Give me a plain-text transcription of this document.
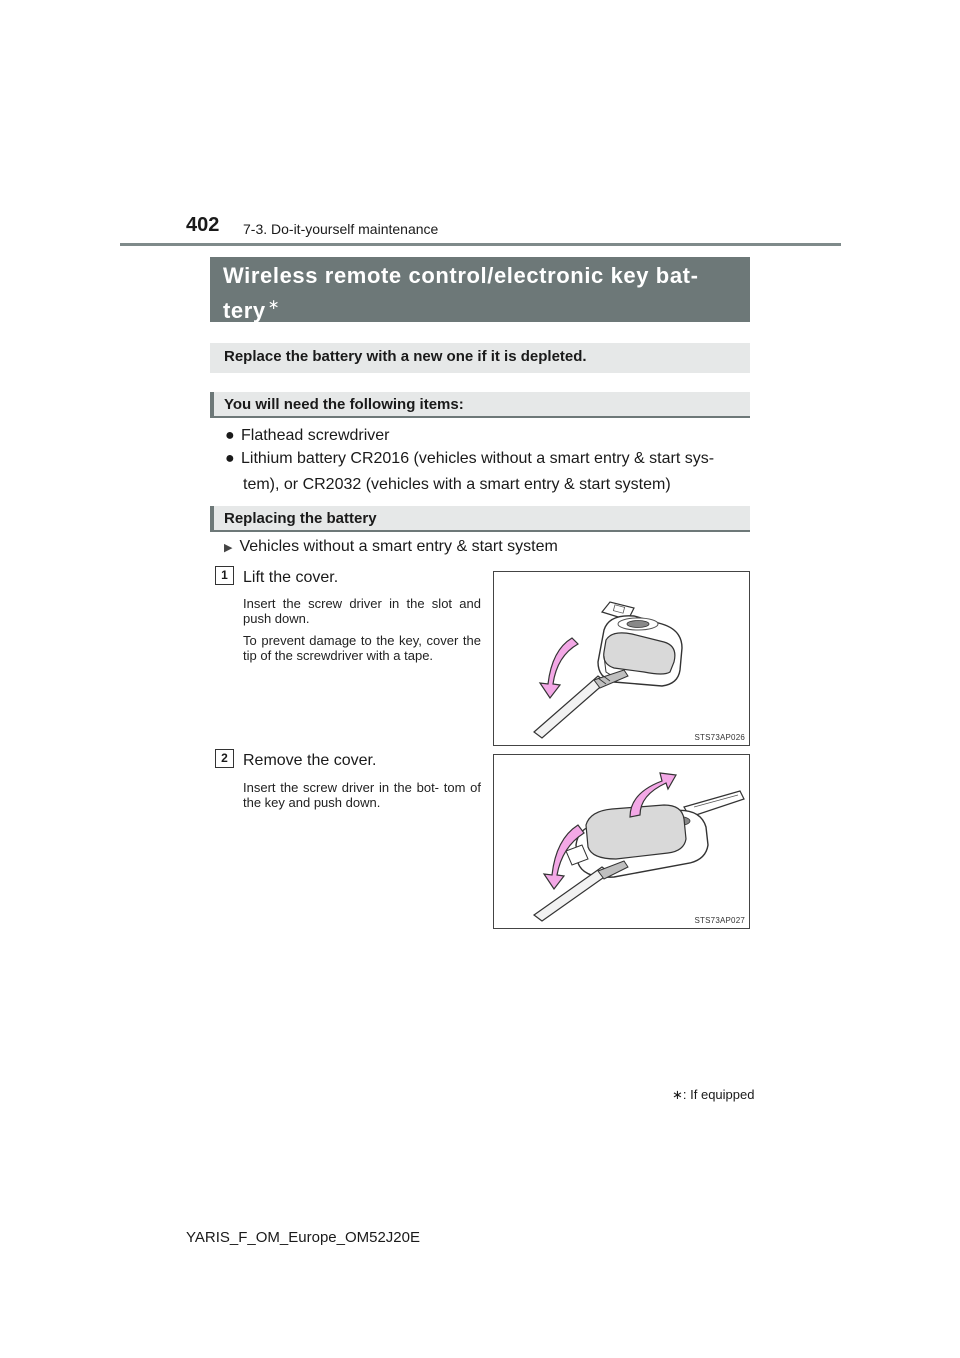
402 7-3. Do-it-yourself maintenance
Wireless remote control/electronic key bat-
tery ∗
Replace the battery with a new one if it is depleted.
You will need the following items:
● Flathead screwdriver
● Lithium battery CR2016 (vehicles without a smart entry & start sys-
tem), or CR2032 (vehicles with a smart entry & start system)
Replacing the battery
▶ Vehicles without a smart entry & start system
1 Lift the cover.

Insert the screw driver in the slot and push down.

To prevent damage to the key, cover the tip of the screwdriver with a tape.

STS73AP026
2 Remove the cover.

Insert the screw driver in the bot- tom of the key and push down.

STS73AP027
∗: If equipped
YARIS_F_OM_Europe_OM52J20E
